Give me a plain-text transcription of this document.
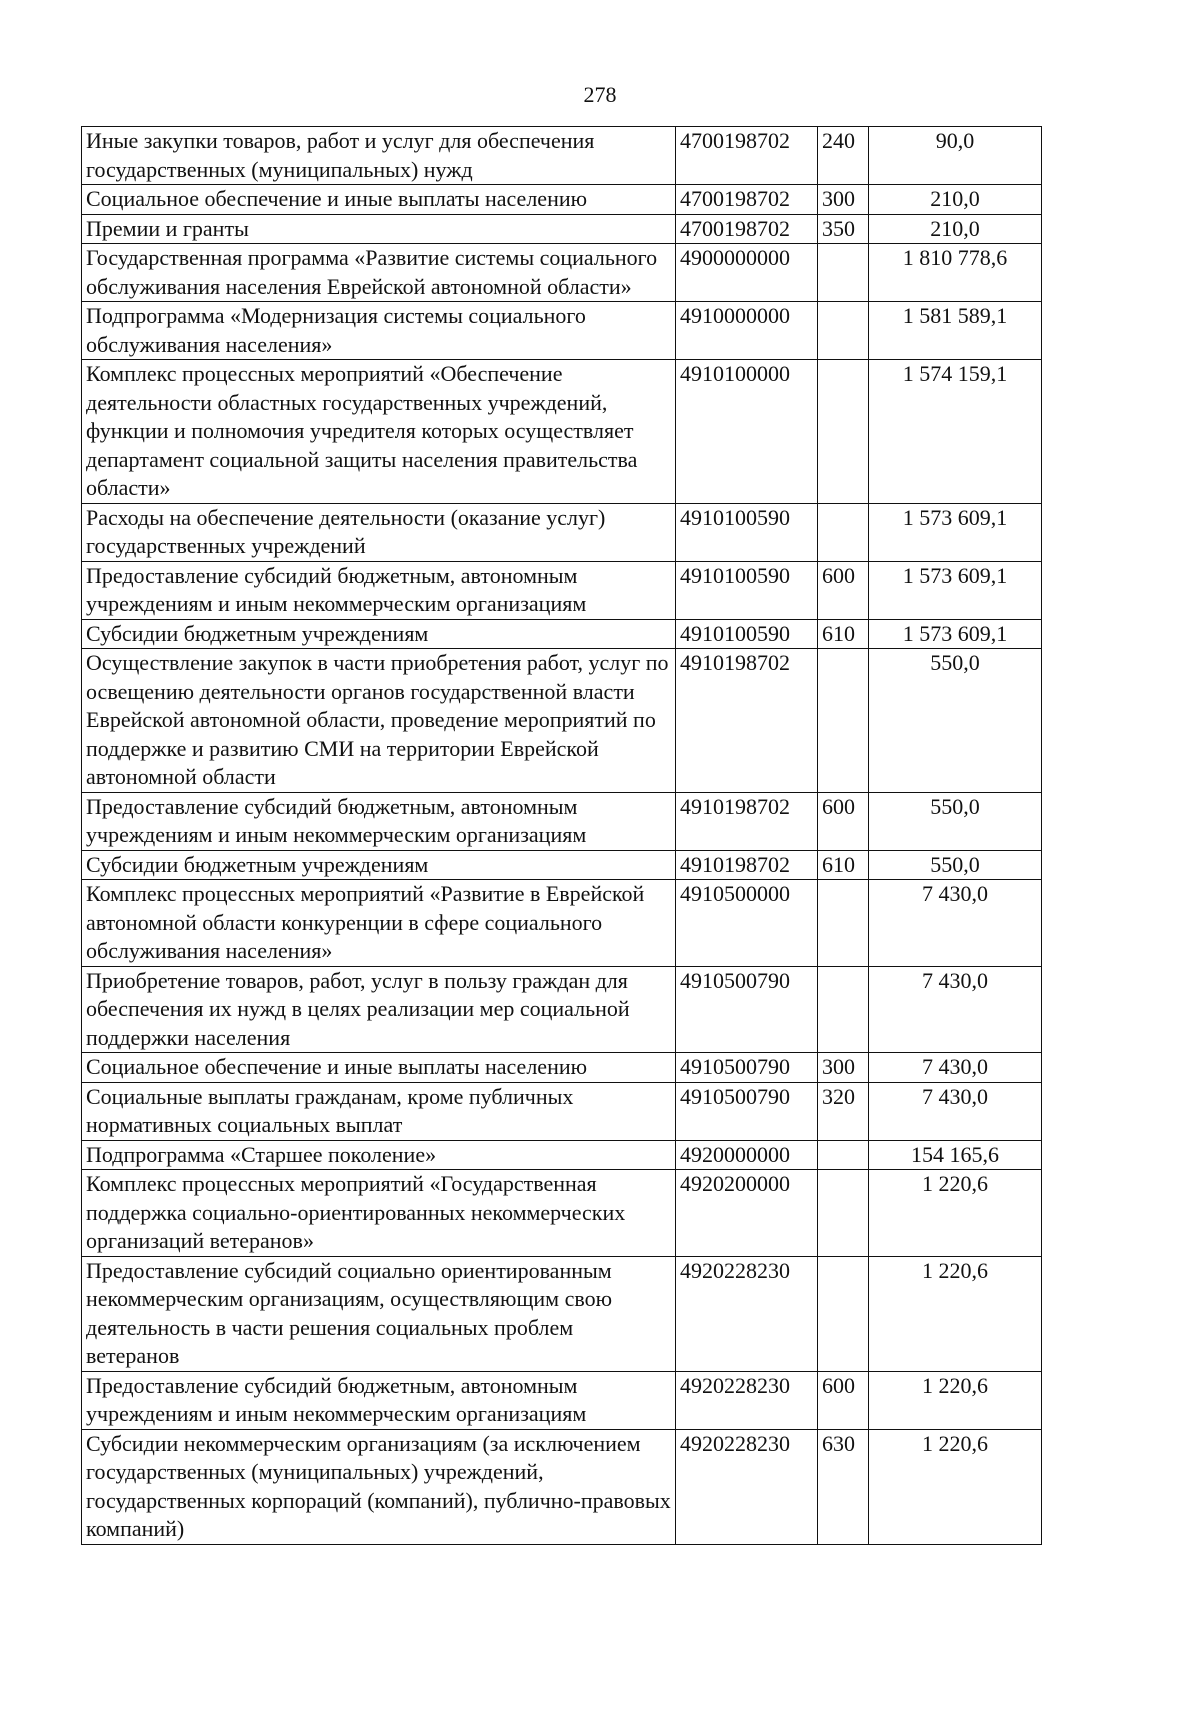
278
Иные закупки товаров, работ и услуг для обеспечения государственных (муниципальных) нужд	4700198702	240	90,0
Социальное обеспечение и иные выплаты населению	4700198702	300	210,0
Премии и гранты	4700198702	350	210,0
Государственная программа «Развитие системы социального обслуживания населения Еврейской автономной области»	4900000000		1 810 778,6
Подпрограмма «Модернизация системы социального обслуживания населения»	4910000000		1 581 589,1
Комплекс процессных мероприятий «Обеспечение деятельности областных государственных учреждений, функции и полномочия учредителя которых осуществляет департамент социальной защиты населения правительства области»	4910100000		1 574 159,1
Расходы на обеспечение деятельности (оказание услуг) государственных учреждений	4910100590		1 573 609,1
Предоставление субсидий бюджетным, автономным учреждениям и иным некоммерческим организациям	4910100590	600	1 573 609,1
Субсидии бюджетным учреждениям	4910100590	610	1 573 609,1
Осуществление закупок в части приобретения работ, услуг по освещению деятельности органов государственной власти Еврейской автономной области, проведение мероприятий по поддержке и развитию СМИ на территории Еврейской автономной области	4910198702		550,0
Предоставление субсидий бюджетным, автономным учреждениям и иным некоммерческим организациям	4910198702	600	550,0
Субсидии бюджетным учреждениям	4910198702	610	550,0
Комплекс процессных мероприятий «Развитие в Еврейской автономной области конкуренции в сфере социального обслуживания населения»	4910500000		7 430,0
Приобретение товаров, работ, услуг в пользу граждан для обеспечения их нужд в целях реализации мер социальной поддержки населения	4910500790		7 430,0
Социальное обеспечение и иные выплаты населению	4910500790	300	7 430,0
Социальные выплаты гражданам, кроме публичных нормативных социальных выплат	4910500790	320	7 430,0
Подпрограмма «Старшее поколение»	4920000000		154 165,6
Комплекс процессных мероприятий «Государственная поддержка социально-ориентированных некоммерческих организаций ветеранов»	4920200000		1 220,6
Предоставление субсидий социально ориентированным некоммерческим организациям, осуществляющим свою деятельность в части решения социальных проблем ветеранов	4920228230		1 220,6
Предоставление субсидий бюджетным, автономным учреждениям и иным некоммерческим организациям	4920228230	600	1 220,6
Субсидии некоммерческим организациям (за исключением государственных (муниципальных) учреждений, государственных корпораций (компаний), публично-правовых компаний)	4920228230	630	1 220,6
